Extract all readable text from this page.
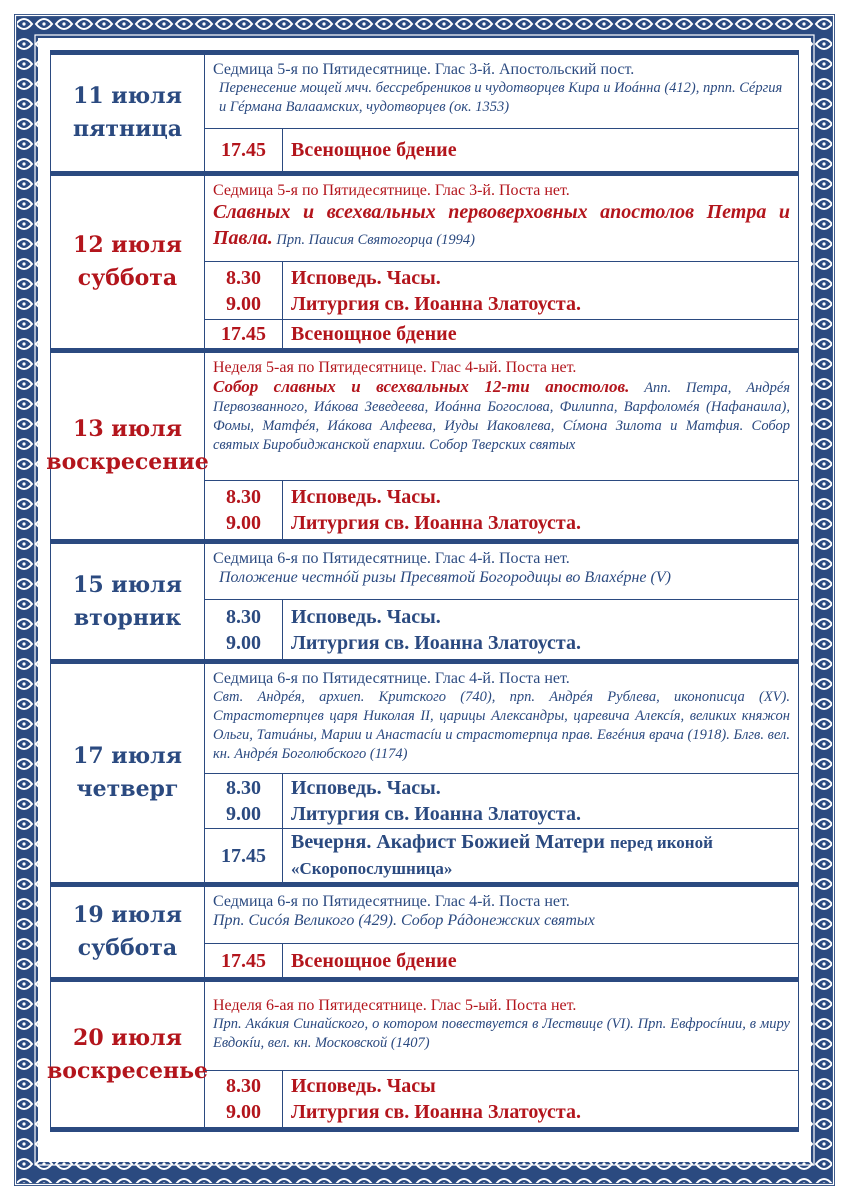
11 июля
пятница
Седмица 5-я по Пятидесятнице. Глас 3-й. Апостольский пост.
Перенесение мощей мчч. бессребреников и чудотворцев Кира и Иоáнна (412), прпп. Сéргия и Гéрмана Валаамских, чудотворцев (ок. 1353)
17.45 Всенощное бдение
12 июля
суббота
Седмица 5-я по Пятидесятнице. Глас 3-й. Поста нет.
Славных и всехвальных первоверховных апостолов Петра и Павла. Прп. Паисия Святогорца (1994)
8.30
9.00
Исповедь. Часы.
Литургия св. Иоанна Златоуста.
17.45 Всенощное бдение
13 июля
воскресение
Неделя 5-ая по Пятидесятнице. Глас 4-ый. Поста нет.
Собор славных и всехвальных 12-ти апостолов. Апп. Петра, Андрéя Первозванного, Иáкова Зеведеева, Иоáнна Богослова, Филиппа, Варфоломéя (Нафанаила), Фомы, Матфéя, Иáкова Алфеева, Иуды Иаковлева, Сíмона Зилота и Матфия. Собор святых Биробиджанской епархии. Собор Тверских святых
8.30
9.00
Исповедь. Часы.
Литургия св. Иоанна Златоуста.
15 июля
вторник
Седмица 6-я по Пятидесятнице. Глас 4-й. Поста нет.
Положение честнóй ризы Пресвятой Богородицы во Влахéрне (V)
8.30
9.00
Исповедь. Часы.
Литургия св. Иоанна Златоуста.
17 июля
четверг
Седмица 6-я по Пятидесятнице. Глас 4-й. Поста нет.
Свт. Андрéя, архиеп. Критского (740), прп. Андрéя Рублева, иконописца (XV). Страстотерпцев царя Николая II, царицы Александры, царевича Алексíя, великих княжон Ольги, Татиáны, Марии и Анастасíи и страстотерпца прав. Евгéния врача (1918). Блгв. вел. кн. Андрéя Боголюбского (1174)
8.30
9.00
Исповедь. Часы.
Литургия св. Иоанна Златоуста.
17.45
Вечерня. Акафист Божией Матери перед иконой
«Скоропослушница»
19 июля
суббота
Седмица 6-я по Пятидесятнице. Глас 4-й. Поста нет.
Прп. Сисóя Великого (429). Собор Рáдонежских святых
17.45 Всенощное бдение
20 июля
воскресенье
Неделя 6-ая по Пятидесятнице. Глас 5-ый. Поста нет.
Прп. Акáкия Синайского, о котором повествуется в Лествице (VI). Прп. Евфросíнии, в миру Евдокíи, вел. кн. Московской (1407)
8.30
9.00
Исповедь. Часы
Литургия св. Иоанна Златоуста.
